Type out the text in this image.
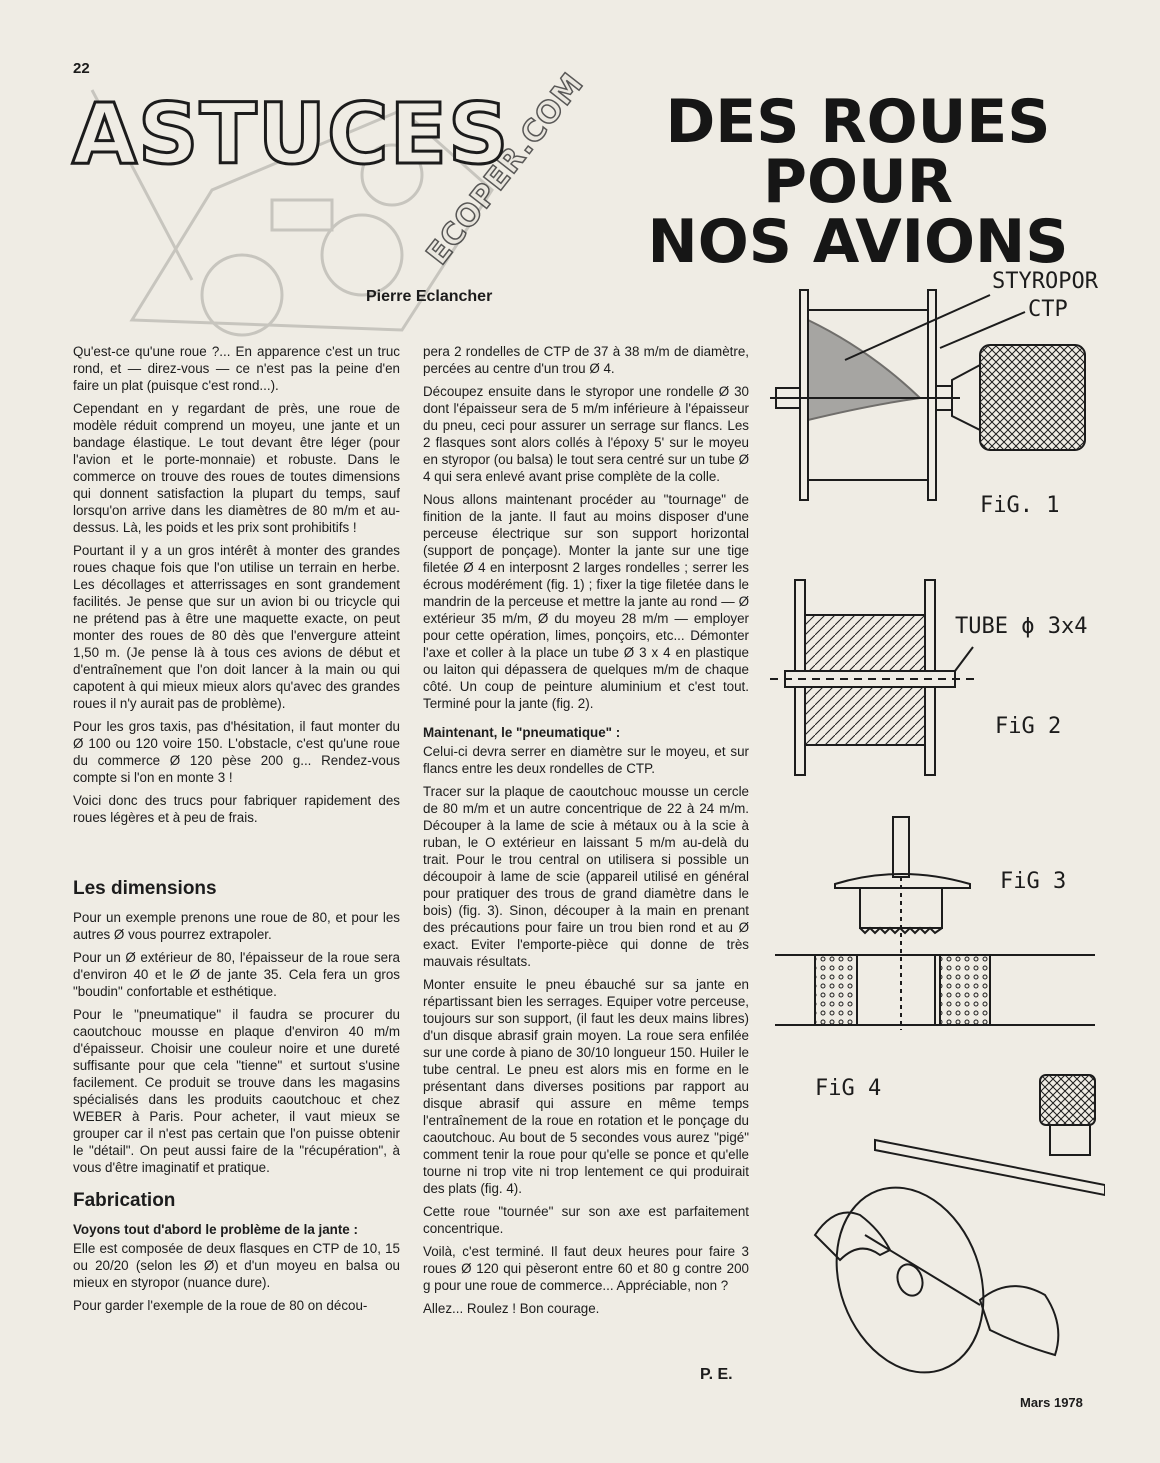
ECOPER.COM
22
ASTUCES	DES ROUES
POUR
NOS AVIONS
Pierre Eclancher

Qu'est-ce qu'une roue ?... En apparence c'est un truc rond, et — direz-vous — ce n'est pas la peine d'en faire un plat (puisque c'est rond...).

Cependant en y regardant de près, une roue de modèle réduit comprend un moyeu, une jante et un bandage élastique. Le tout devant être léger (pour l'avion et le porte-monnaie) et robuste. Dans le commerce on trouve des roues de toutes dimensions qui donnent satisfaction la plupart du temps, sauf lorsqu'on arrive dans les diamètres de 80 m/m et au-dessus. Là, les poids et les prix sont prohibitifs !

Pourtant il y a un gros intérêt à monter des grandes roues chaque fois que l'on utilise un terrain en herbe. Les décollages et atterrissages en sont grandement facilités. Je pense que sur un avion bi ou tricycle qui ne prétend pas à être une maquette exacte, on peut monter des roues de 80 dès que l'envergure atteint 1,50 m. (Je pense là à tous ces avions de début et d'entraînement que l'on doit lancer à la main ou qui capotent à qui mieux mieux alors qu'avec des grandes roues il n'y aurait pas de problème).

Pour les gros taxis, pas d'hésitation, il faut monter du Ø 100 ou 120 voire 150. L'obstacle, c'est qu'une roue du commerce Ø 120 pèse 200 g... Rendez-vous compte si l'on en monte 3 !

Voici donc des trucs pour fabriquer rapidement des roues légères et à peu de frais.

Les dimensions

Pour un exemple prenons une roue de 80, et pour les autres Ø vous pourrez extrapoler.

Pour un Ø extérieur de 80, l'épaisseur de la roue sera d'environ 40 et le Ø de jante 35. Cela fera un gros "boudin" confortable et esthétique.

Pour le "pneumatique" il faudra se procurer du caoutchouc mousse en plaque d'environ 40 m/m d'épaisseur. Choisir une couleur noire et une dureté suffisante pour que cela "tienne" et surtout s'usine facilement. Ce produit se trouve dans les magasins spécialisés dans les produits caoutchouc et chez WEBER à Paris. Pour acheter, il vaut mieux se grouper car il n'est pas certain que l'on puisse obtenir le "détail". On peut aussi faire de la "récupération", à vous d'être imaginatif et pratique.

Fabrication
Voyons tout d'abord le problème de la jante :

Elle est composée de deux flasques en CTP de 10, 15 ou 20/20 (selon les Ø) et d'un moyeu en balsa ou mieux en styropor (nuance dure).

Pour garder l'exemple de la roue de 80 on décou-

pera 2 rondelles de CTP de 37 à 38 m/m de diamètre, percées au centre d'un trou Ø 4.

Découpez ensuite dans le styropor une rondelle Ø 30 dont l'épaisseur sera de 5 m/m inférieure à l'épaisseur du pneu, ceci pour assurer un serrage sur flancs. Les 2 flasques sont alors collés à l'époxy 5' sur le moyeu en styropor (ou balsa) le tout sera centré sur un tube Ø 4 qui sera enlevé avant prise complète de la colle.

Nous allons maintenant procéder au "tournage" de finition de la jante. Il faut au moins disposer d'une perceuse électrique sur son support horizontal (support de ponçage). Monter la jante sur une tige filetée Ø 4 en interposnt 2 larges rondelles ; serrer les écrous modérément (fig. 1) ; fixer la tige filetée dans le mandrin de la perceuse et mettre la jante au rond — Ø extérieur 35 m/m, Ø du moyeu 28 m/m — employer pour cette opération, limes, ponçoirs, etc... Démonter l'axe et coller à la place un tube Ø 3 x 4 en plastique ou laiton qui dépassera de quelques m/m de chaque côté. Un coup de peinture aluminium et c'est tout. Terminé pour la jante (fig. 2).

Maintenant, le "pneumatique" :

Celui-ci devra serrer en diamètre sur le moyeu, et sur flancs entre les deux rondelles de CTP.

Tracer sur la plaque de caoutchouc mousse un cercle de 80 m/m et un autre concentrique de 22 à 24 m/m. Découper à la lame de scie à métaux ou à la scie à ruban, le O extérieur en laissant 5 m/m au-delà du trait. Pour le trou central on utilisera si possible un découpoir à lame de scie (appareil utilisé en général pour pratiquer des trous de grand diamètre dans le bois) (fig. 3). Sinon, découper à la main en prenant des précautions pour faire un trou bien rond et au Ø exact. Eviter l'emporte-pièce qui donne de très mauvais résultats.

Monter ensuite le pneu ébauché sur sa jante en répartissant bien les serrages. Equiper votre perceuse, toujours sur son support, (il faut les deux mains libres) d'un disque abrasif grain moyen. La roue sera enfilée sur une corde à piano de 30/10 longueur 150. Huiler le tube central. Le pneu est alors mis en forme en le présentant dans diverses positions par rapport au disque abrasif qui assure en même temps l'entraînement de la roue en rotation et le ponçage du caoutchouc. Au bout de 5 secondes vous aurez "pigé" comment tenir la roue pour qu'elle se ponce et qu'elle tourne ni trop vite ni trop lentement ce qui produirait des plats (fig. 4).

Cette roue "tournée" sur son axe est parfaitement concentrique.

Voilà, c'est terminé. Il faut deux heures pour faire 3 roues Ø 120 qui pèseront entre 60 et 80 g contre 200 g pour une roue de commerce... Appréciable, non ?

Allez... Roulez ! Bon courage.

P. E.
STYROPOR
CTP
FiG. 1
TUBE ϕ 3x4
FiG 2
FiG 3
FiG 4
Mars 1978
